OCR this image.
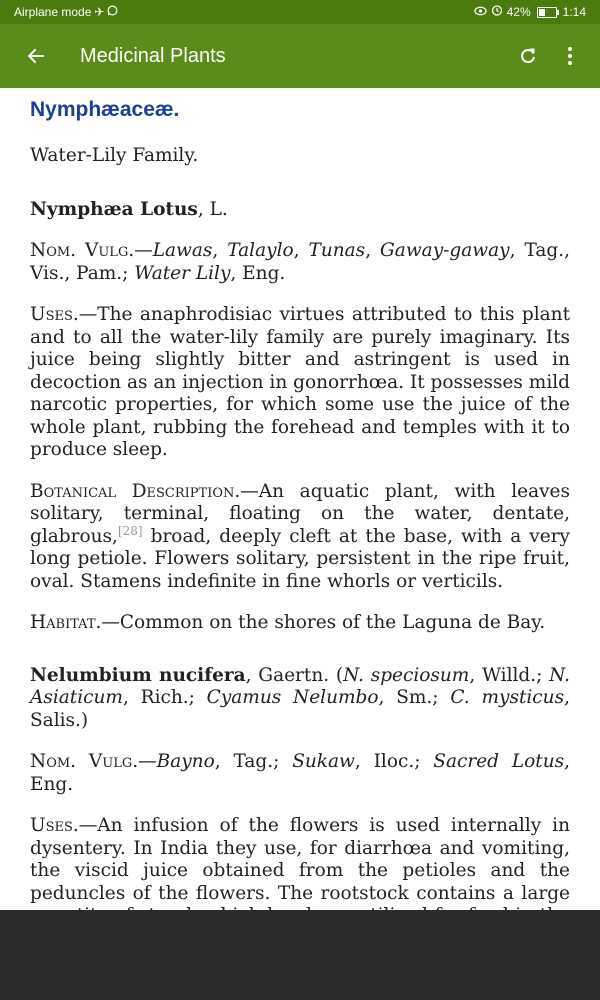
Airplane mode ✈	42%	1:14
Medicinal Plants
Nymphæaceæ.

Water-Lily Family.

Nymphæa Lotus, L.

Nom. Vulg.—Lawas, Talaylo, Tunas, Gaway-gaway, Tag., Vis., Pam.; Water Lily, Eng.

Uses.—The anaphrodisiac virtues attributed to this plant and to all the water-lily family are purely imaginary. Its juice being slightly bitter and astringent is used in decoction as an injection in gonorrhœa. It possesses mild narcotic properties, for which some use the juice of the whole plant, rubbing the forehead and temples with it to produce sleep.

Botanical Description.—An aquatic plant, with leaves solitary, terminal, floating on the water, dentate, glabrous,[28] broad, deeply cleft at the base, with a very long petiole. Flowers solitary, persistent in the ripe fruit, oval. Stamens indefinite in fine whorls or verticils.

Habitat.—Common on the shores of the Laguna de Bay.

Nelumbium nucifera, Gaertn. (N. speciosum, Willd.; N. Asiaticum, Rich.; Cyamus Nelumbo, Sm.; C. mysticus, Salis.)

Nom. Vulg.—Bayno, Tag.; Sukaw, Iloc.; Sacred Lotus, Eng.

Uses.—An infusion of the flowers is used internally in dysentery. In India they use, for diarrhœa and vomiting, the viscid juice obtained from the petioles and the peduncles of the flowers. The rootstock contains a large
